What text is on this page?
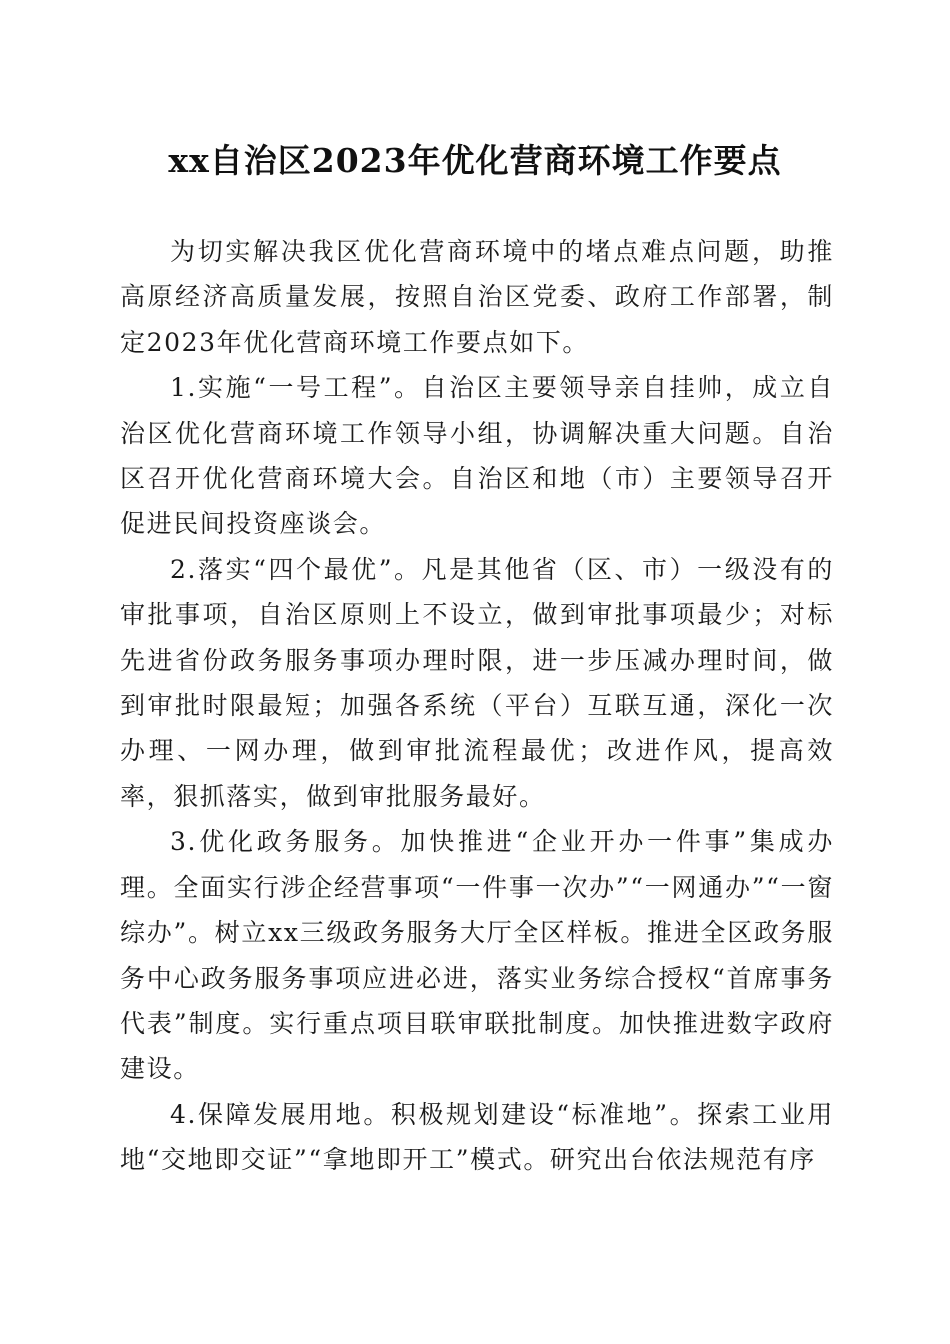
xx自治区2023年优化营商环境工作要点

为切实解决我区优化营商环境中的堵点难点问题，助推高原经济高质量发展，按照自治区党委、政府工作部署，制定2023年优化营商环境工作要点如下。

1.实施“一号工程”。自治区主要领导亲自挂帅，成立自治区优化营商环境工作领导小组，协调解决重大问题。自治区召开优化营商环境大会。自治区和地（市）主要领导召开促进民间投资座谈会。

2.落实“四个最优”。凡是其他省（区、市）一级没有的审批事项，自治区原则上不设立，做到审批事项最少；对标先进省份政务服务事项办理时限，进一步压减办理时间，做到审批时限最短；加强各系统（平台）互联互通，深化一次办理、一网办理，做到审批流程最优；改进作风，提高效率，狠抓落实，做到审批服务最好。

3.优化政务服务。加快推进“企业开办一件事”集成办理。全面实行涉企经营事项“一件事一次办”“一网通办”“一窗综办”。树立xx三级政务服务大厅全区样板。推进全区政务服务中心政务服务事项应进必进，落实业务综合授权“首席事务代表”制度。实行重点项目联审联批制度。加快推进数字政府建设。

4.保障发展用地。积极规划建设“标准地”。探索工业用地“交地即交证”“拿地即开工”模式。研究出台依法规范有序
